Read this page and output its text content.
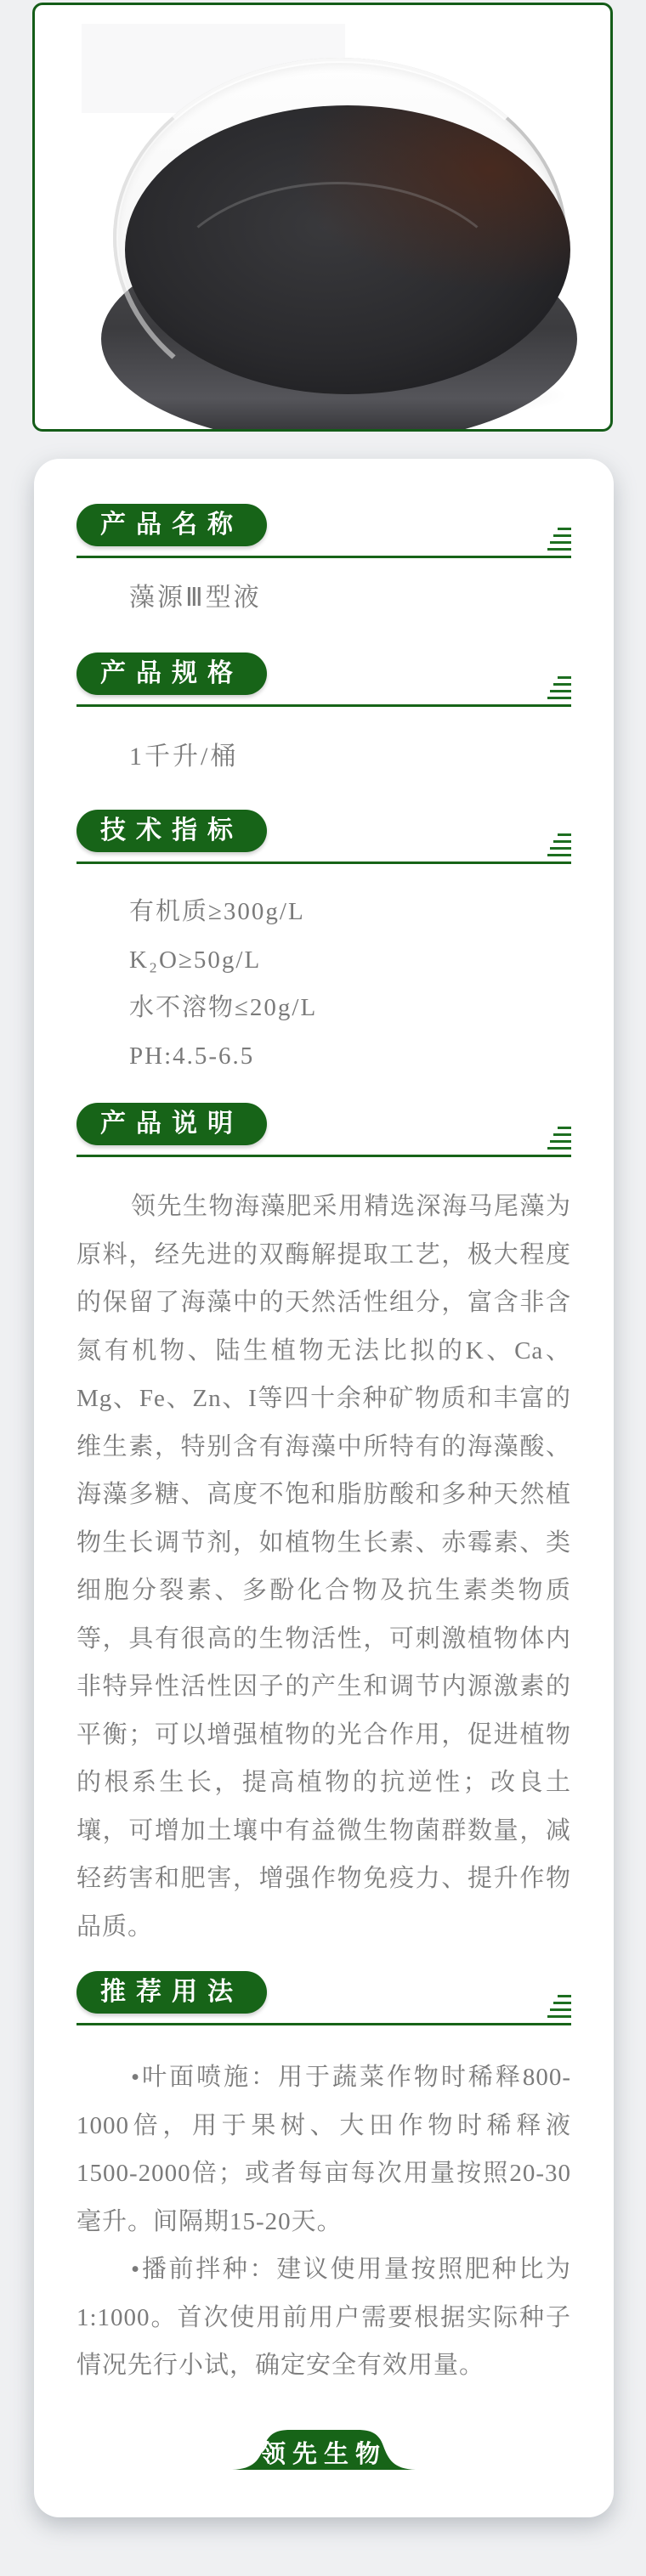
产品名称
藻源Ⅲ型液
产品规格
1千升/桶
技术指标
有机质≥300g/L
K₂O≥50g/L
水不溶物≤20g/L
PH:4.5-6.5
产品说明

领先生物海藻肥采用精选深海马尾藻为原料，经先进的双酶解提取工艺，极大程度的保留了海藻中的天然活性组分，富含非含氮有机物、陆生植物无法比拟的K、Ca、Mg、Fe、Zn、I等四十余种矿物质和丰富的维生素，特别含有海藻中所特有的海藻酸、海藻多糖、高度不饱和脂肪酸和多种天然植物生长调节剂，如植物生长素、赤霉素、类细胞分裂素、多酚化合物及抗生素类物质等，具有很高的生物活性，可刺激植物体内非特异性活性因子的产生和调节内源激素的平衡；可以增强植物的光合作用，促进植物的根系生长，提高植物的抗逆性；改良土壤，可增加土壤中有益微生物菌群数量，减轻药害和肥害，增强作物免疫力、提升作物品质。

推荐用法

•叶面喷施：用于蔬菜作物时稀释800-1000倍，用于果树、大田作物时稀释液1500-2000倍；或者每亩每次用量按照20-30毫升。间隔期15-20天。

•播前拌种：建议使用量按照肥种比为1:1000。首次使用前用户需要根据实际种子情况先行小试，确定安全有效用量。

领先生物
